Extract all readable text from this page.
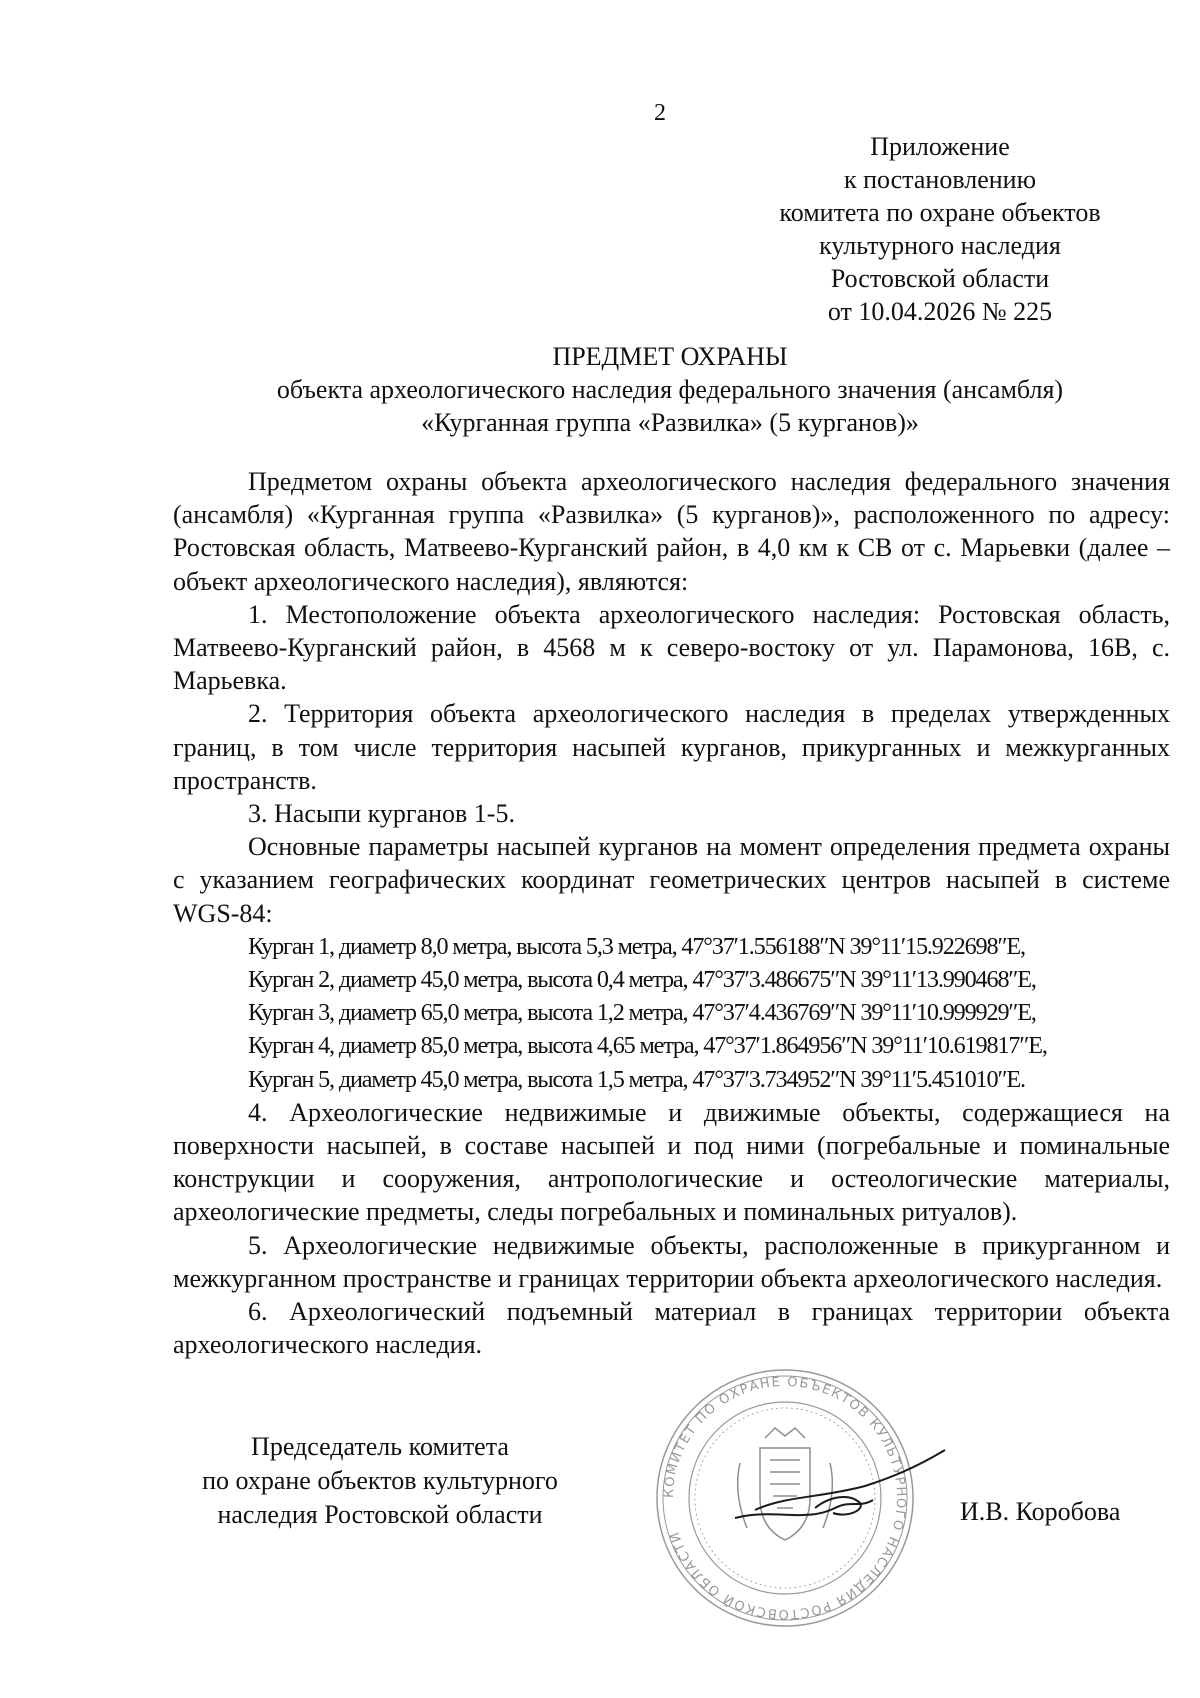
2
Приложение
к постановлению
комитета по охране объектов
культурного наследия
Ростовской области
от 10.04.2026 № 225
ПРЕДМЕТ ОХРАНЫ
объекта археологического наследия федерального значения (ансамбля)
«Курганная группа «Развилка» (5 курганов)»

Предметом охраны объекта археологического наследия федерального значения (ансамбля) «Курганная группа «Развилка» (5 курганов)», расположенного по адресу: Ростовская область, Матвеево-Курганский район, в 4,0 км к СВ от с. Марьевки (далее – объект археологического наследия), являются:

1. Местоположение объекта археологического наследия: Ростовская область, Матвеево-Курганский район, в 4568 м к северо-востоку от ул. Парамонова, 16В, с. Марьевка.

2. Территория объекта археологического наследия в пределах утвержденных границ, в том числе территория насыпей курганов, прикурганных и межкурганных пространств.

3. Насыпи курганов 1-5.

Основные параметры насыпей курганов на момент определения предмета охраны с указанием географических координат геометрических центров насыпей в системе WGS-84:

Курган 1, диаметр 8,0 метра, высота 5,3 метра, 47°37′1.556188″N 39°11′15.922698″E,

Курган 2, диаметр 45,0 метра, высота 0,4 метра, 47°37′3.486675″N 39°11′13.990468″E,

Курган 3, диаметр 65,0 метра, высота 1,2 метра, 47°37′4.436769″N 39°11′10.999929″E,

Курган 4, диаметр 85,0 метра, высота 4,65 метра, 47°37′1.864956″N 39°11′10.619817″E,

Курган 5, диаметр 45,0 метра, высота 1,5 метра, 47°37′3.734952″N 39°11′5.451010″E.

4. Археологические недвижимые и движимые объекты, содержащиеся на поверхности насыпей, в составе насыпей и под ними (погребальные и поминальные конструкции и сооружения, антропологические и остеологические материалы, археологические предметы, следы погребальных и поминальных ритуалов).

5. Археологические недвижимые объекты, расположенные в прикурганном и межкурганном пространстве и границах территории объекта археологического наследия.

6. Археологический подъемный материал в границах территории объекта археологического наследия.

Председатель комитета
по охране объектов культурного
наследия Ростовской области
КОМИТЕТ ПО ОХРАНЕ ОБЪЕКТОВ КУЛЬТУРНОГО НАСЛЕДИЯ РОСТОВСКОЙ ОБЛАСТИ
И.В. Коробова
